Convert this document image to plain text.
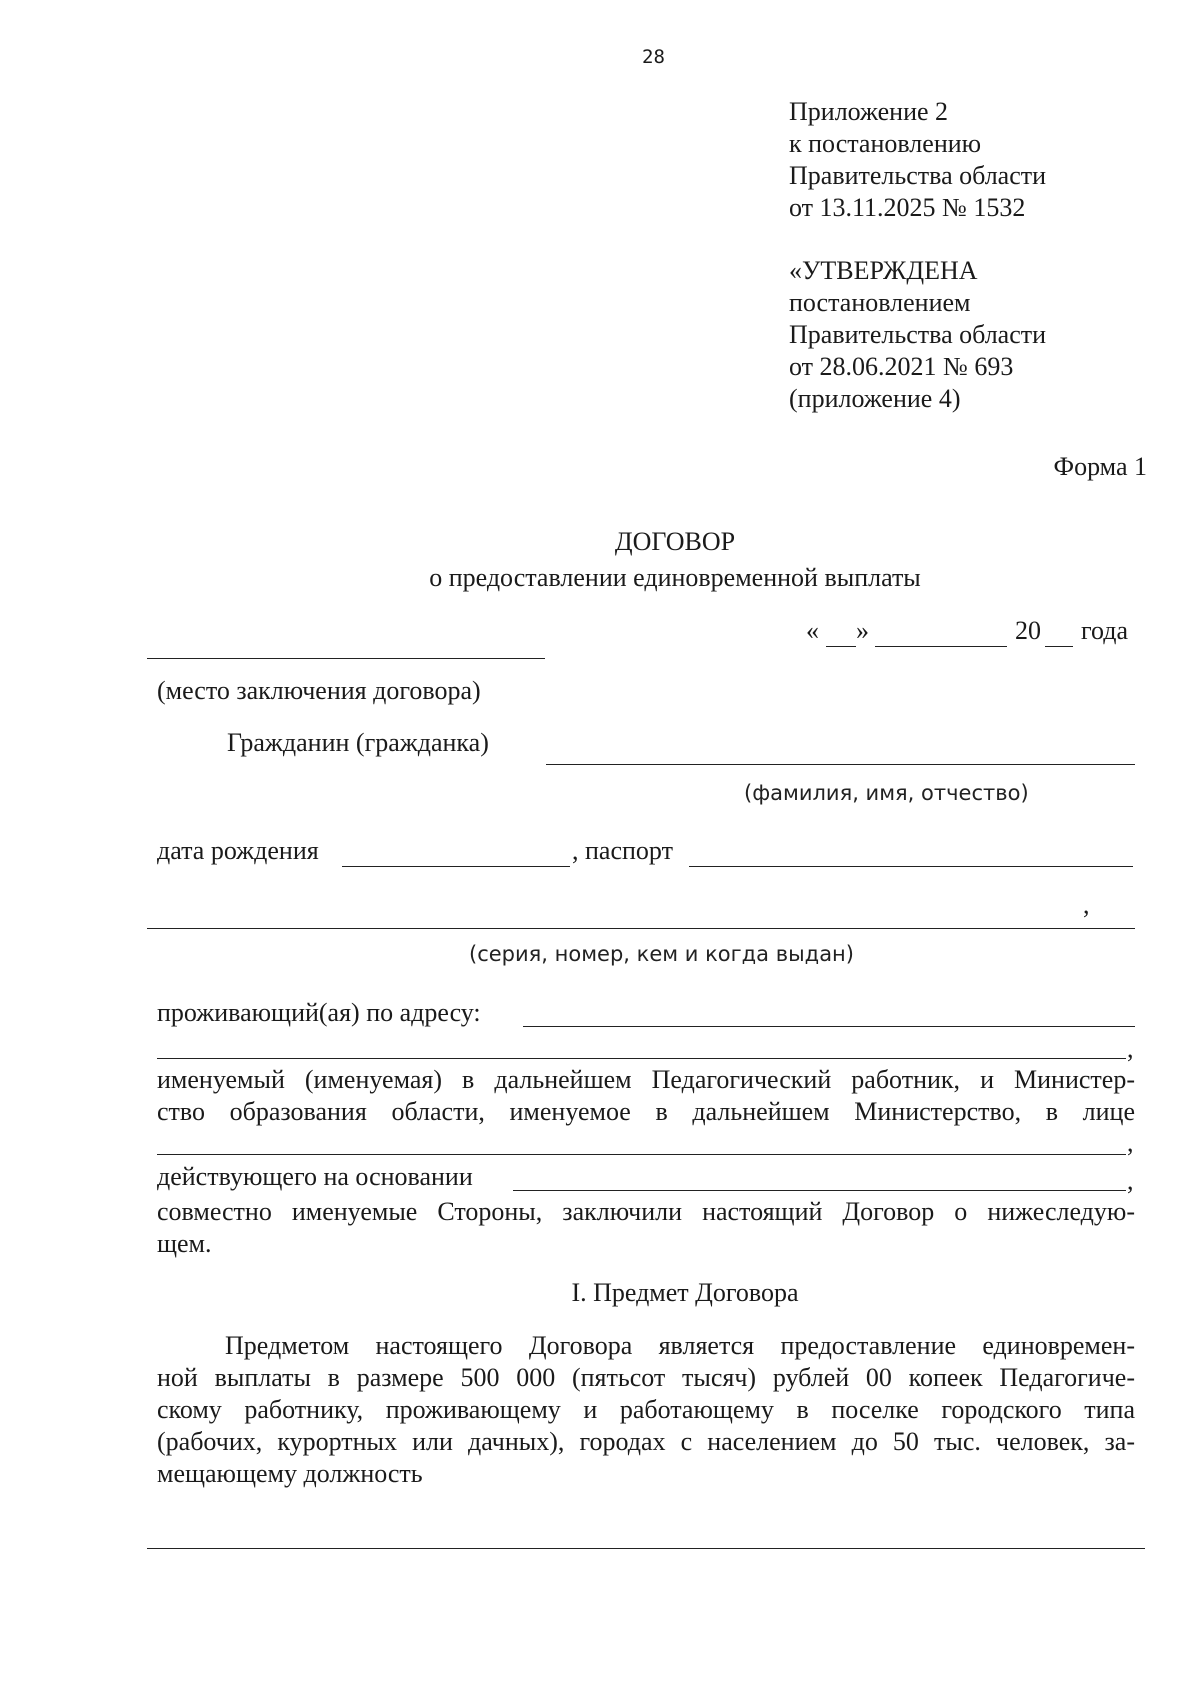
28
Приложение 2
к постановлению
Правительства области
от 13.11.2025 № 1532
«УТВЕРЖДЕНА
постановлением
Правительства области
от 28.06.2021 № 693
(приложение 4)
Форма 1
ДОГОВОР
о предоставлении единовременной выплаты
« »	20 года
(место заключения договора)
Гражданин (гражданка)
(фамилия, имя, отчество)
дата рождения	, паспорт
,
(серия, номер, кем и когда выдан)
проживающий(ая) по адресу:
,
именуемый (именуемая) в дальнейшем Педагогический работник, и Министер-
ство образования области, именуемое в дальнейшем Министерство, в лице
,
действующего на основании	,
совместно именуемые Стороны, заключили настоящий Договор о нижеследую-
щем.
I. Предмет Договора
Предметом настоящего Договора является предоставление единовремен-
ной выплаты в размере 500 000 (пятьсот тысяч) рублей 00 копеек Педагогиче-
скому работнику, проживающему и работающему в поселке городского типа
(рабочих, курортных или дачных), городах с населением до 50 тыс. человек, за-
мещающему должность
